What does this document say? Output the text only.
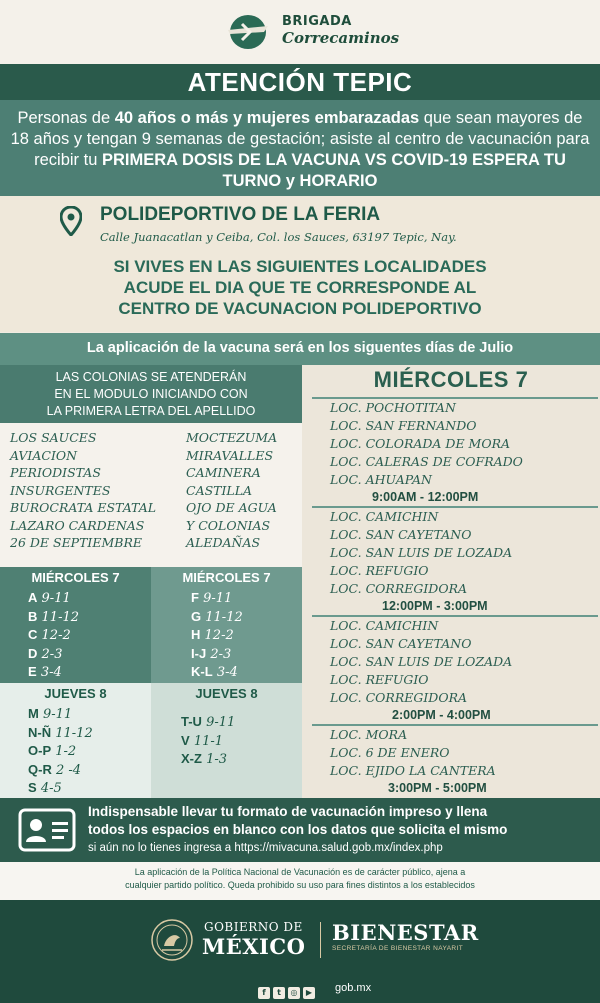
BRIGADA
Correcaminos
ATENCIÓN TEPIC

Personas de 40 años o más y mujeres embarazadas que sean mayores de 18 años y tengan 9 semanas de gestación; asiste al centro de vacunación para recibir tu PRIMERA DOSIS DE LA VACUNA VS COVID-19 ESPERA TU TURNO y HORARIO

POLIDEPORTIVO DE LA FERIA
Calle Juanacatlan y Ceiba, Col. los Sauces, 63197 Tepic, Nay.
SI VIVES EN LAS SIGUIENTES LOCALIDADES
ACUDE EL DIA QUE TE CORRESPONDE AL
CENTRO DE VACUNACION POLIDEPORTIVO
La aplicación de la vacuna será en los siguentes días de Julio
LAS COLONIAS SE ATENDERÁN
EN EL MODULO INICIANDO CON
LA PRIMERA LETRA DEL APELLIDO
LOS SAUCES
AVIACION
PERIODISTAS
INSURGENTES
BUROCRATA ESTATAL
LAZARO CARDENAS
26 DE SEPTIEMBRE
MOCTEZUMA
MIRAVALLES
CAMINERA
CASTILLA
OJO DE AGUA
Y COLONIAS
ALEDAÑAS
MIÉRCOLES 7
A 9-11
B 11-12
C 12-2
D 2-3
E 3-4
MIÉRCOLES 7
F 9-11
G 11-12
H 12-2
I-J 2-3
K-L 3-4
JUEVES 8
M 9-11
N-Ñ 11-12
O-P 1-2
Q-R 2 -4
S 4-5
JUEVES 8
T-U 9-11
V 11-1
X-Z 1-3
MIÉRCOLES 7
LOC. POCHOTITAN
LOC. SAN FERNANDO
LOC. COLORADA DE MORA
LOC. CALERAS DE COFRADO
LOC. AHUAPAN
9:00AM - 12:00PM
LOC. CAMICHIN
LOC. SAN CAYETANO
LOC. SAN LUIS DE LOZADA
LOC. REFUGIO
LOC. CORREGIDORA
12:00PM - 3:00PM
LOC. CAMICHIN
LOC. SAN CAYETANO
LOC. SAN LUIS DE LOZADA
LOC. REFUGIO
LOC. CORREGIDORA
2:00PM - 4:00PM
LOC. MORA
LOC. 6 DE ENERO
LOC. EJIDO LA CANTERA
3:00PM - 5:00PM
Indispensable llevar tu formato de vacunación impreso y llena
todos los espacios en blanco con los datos que solicita el mismo
si aún no lo tienes ingresa a https://mivacuna.salud.gob.mx/index.php
La aplicación de la Política Nacional de Vacunación es de carácter público, ajena a
cualquier partido político. Queda prohibido su uso para fines distintos a los establecidos
GOBIERNO DE
MÉXICO
BIENESTAR
SECRETARÍA DE BIENESTAR NAYARIT
f t ◎ ▶	gob.mx
